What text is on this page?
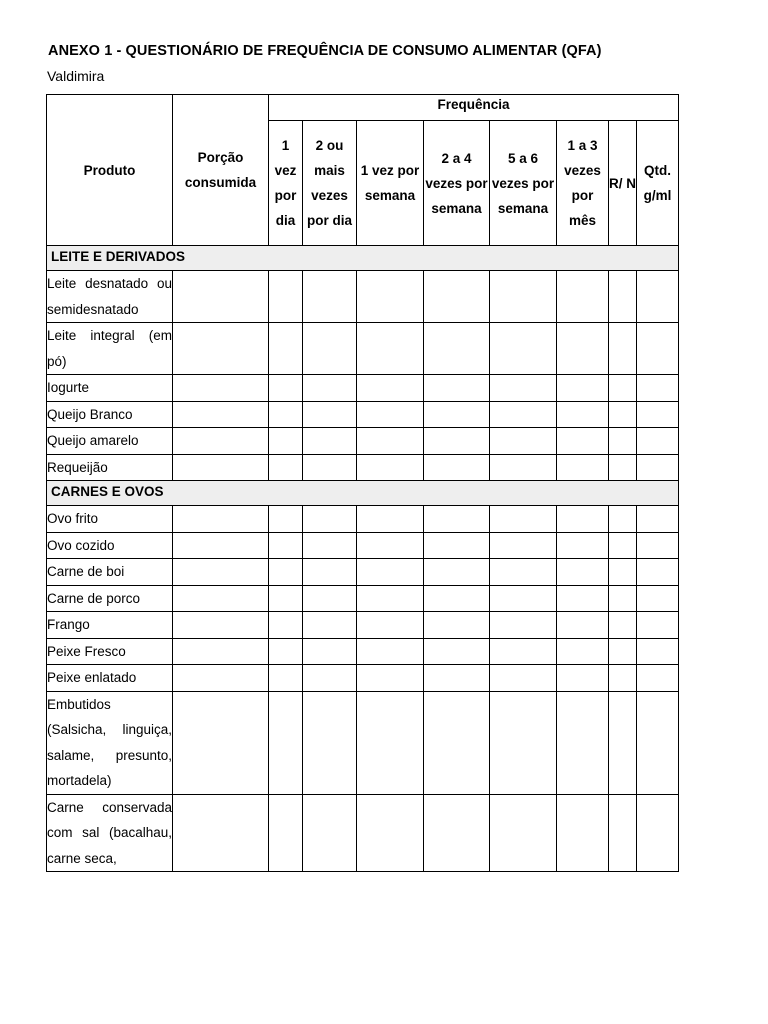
ANEXO 1 - QUESTIONÁRIO DE FREQUÊNCIA DE CONSUMO ALIMENTAR (QFA)
Valdimira
Produto	Porção consumida	Frequência							
		1 vez por dia	2 ou mais vezes por dia	1 vez por semana	2 a 4 vezes por semana	5 a 6 vezes por semana	1 a 3 vezes por mês	R/ N	Qtd. g/ml
LEITE E DERIVADOS									
Leite desnatado ou semidesnatado									
Leite integral (em pó)									
Iogurte									
Queijo Branco									
Queijo amarelo									
Requeijão									
CARNES E OVOS									
Ovo frito									
Ovo cozido									
Carne de boi									
Carne de porco									
Frango									
Peixe Fresco									
Peixe enlatado									
Embutidos (Salsicha, linguiça, salame, presunto, mortadela)									
Carne conservada com sal (bacalhau, carne seca,									
